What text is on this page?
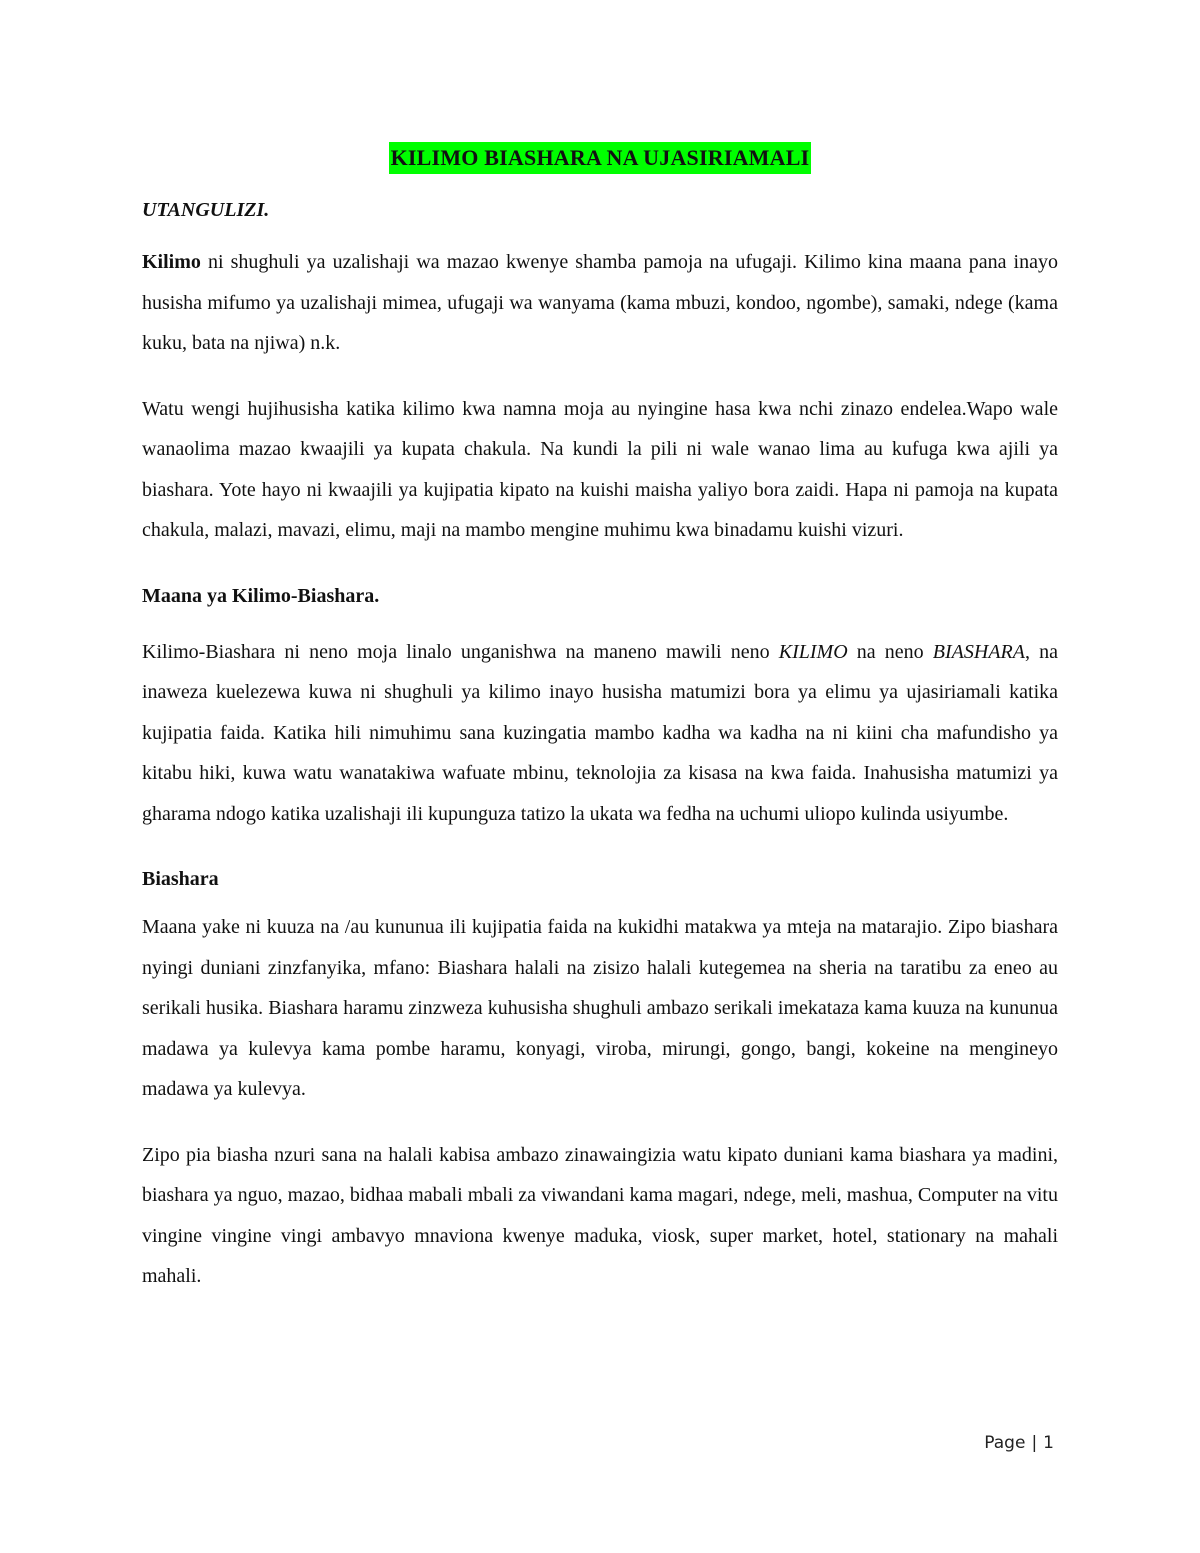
KILIMO BIASHARA NA UJASIRIAMALI
UTANGULIZI.

Kilimo ni shughuli ya uzalishaji wa mazao kwenye shamba pamoja na ufugaji. Kilimo kina maana pana inayo husisha mifumo ya uzalishaji mimea, ufugaji wa wanyama (kama mbuzi, kondoo, ngombe), samaki, ndege (kama kuku, bata na njiwa) n.k.

Watu wengi hujihusisha katika kilimo kwa namna moja au nyingine hasa kwa nchi zinazo endelea.Wapo wale wanaolima mazao kwaajili ya kupata chakula. Na kundi la pili ni wale wanao lima au kufuga kwa ajili ya biashara. Yote hayo ni kwaajili ya kujipatia kipato na kuishi maisha yaliyo bora zaidi. Hapa ni pamoja na kupata chakula, malazi, mavazi, elimu, maji na mambo mengine muhimu kwa binadamu kuishi vizuri.

Maana ya Kilimo-Biashara.

Kilimo-Biashara ni neno moja linalo unganishwa na maneno mawili neno KILIMO na neno BIASHARA, na inaweza kuelezewa kuwa ni shughuli ya kilimo inayo husisha matumizi bora ya elimu ya ujasiriamali katika kujipatia faida. Katika hili nimuhimu sana kuzingatia mambo kadha wa kadha na ni kiini cha mafundisho ya kitabu hiki, kuwa watu wanatakiwa wafuate mbinu, teknolojia za kisasa na kwa faida. Inahusisha matumizi ya gharama ndogo katika uzalishaji ili kupunguza tatizo la ukata wa fedha na uchumi uliopo kulinda usiyumbe.

Biashara

Maana yake ni kuuza na /au kununua ili kujipatia faida na kukidhi matakwa ya mteja na matarajio. Zipo biashara nyingi duniani zinzfanyika, mfano: Biashara halali na zisizo halali kutegemea na sheria na taratibu za eneo au serikali husika. Biashara haramu zinzweza kuhusisha shughuli ambazo serikali imekataza kama kuuza na kununua madawa ya kulevya kama pombe haramu, konyagi, viroba, mirungi, gongo, bangi, kokeine na mengineyo madawa ya kulevya.

Zipo pia biasha nzuri sana na halali kabisa ambazo zinawaingizia watu kipato duniani kama biashara ya madini, biashara ya nguo, mazao, bidhaa mabali mbali za viwandani kama magari, ndege, meli, mashua, Computer na vitu vingine vingine vingi ambavyo mnaviona kwenye maduka, viosk, super market, hotel, stationary na mahali mahali.

Page | 1
